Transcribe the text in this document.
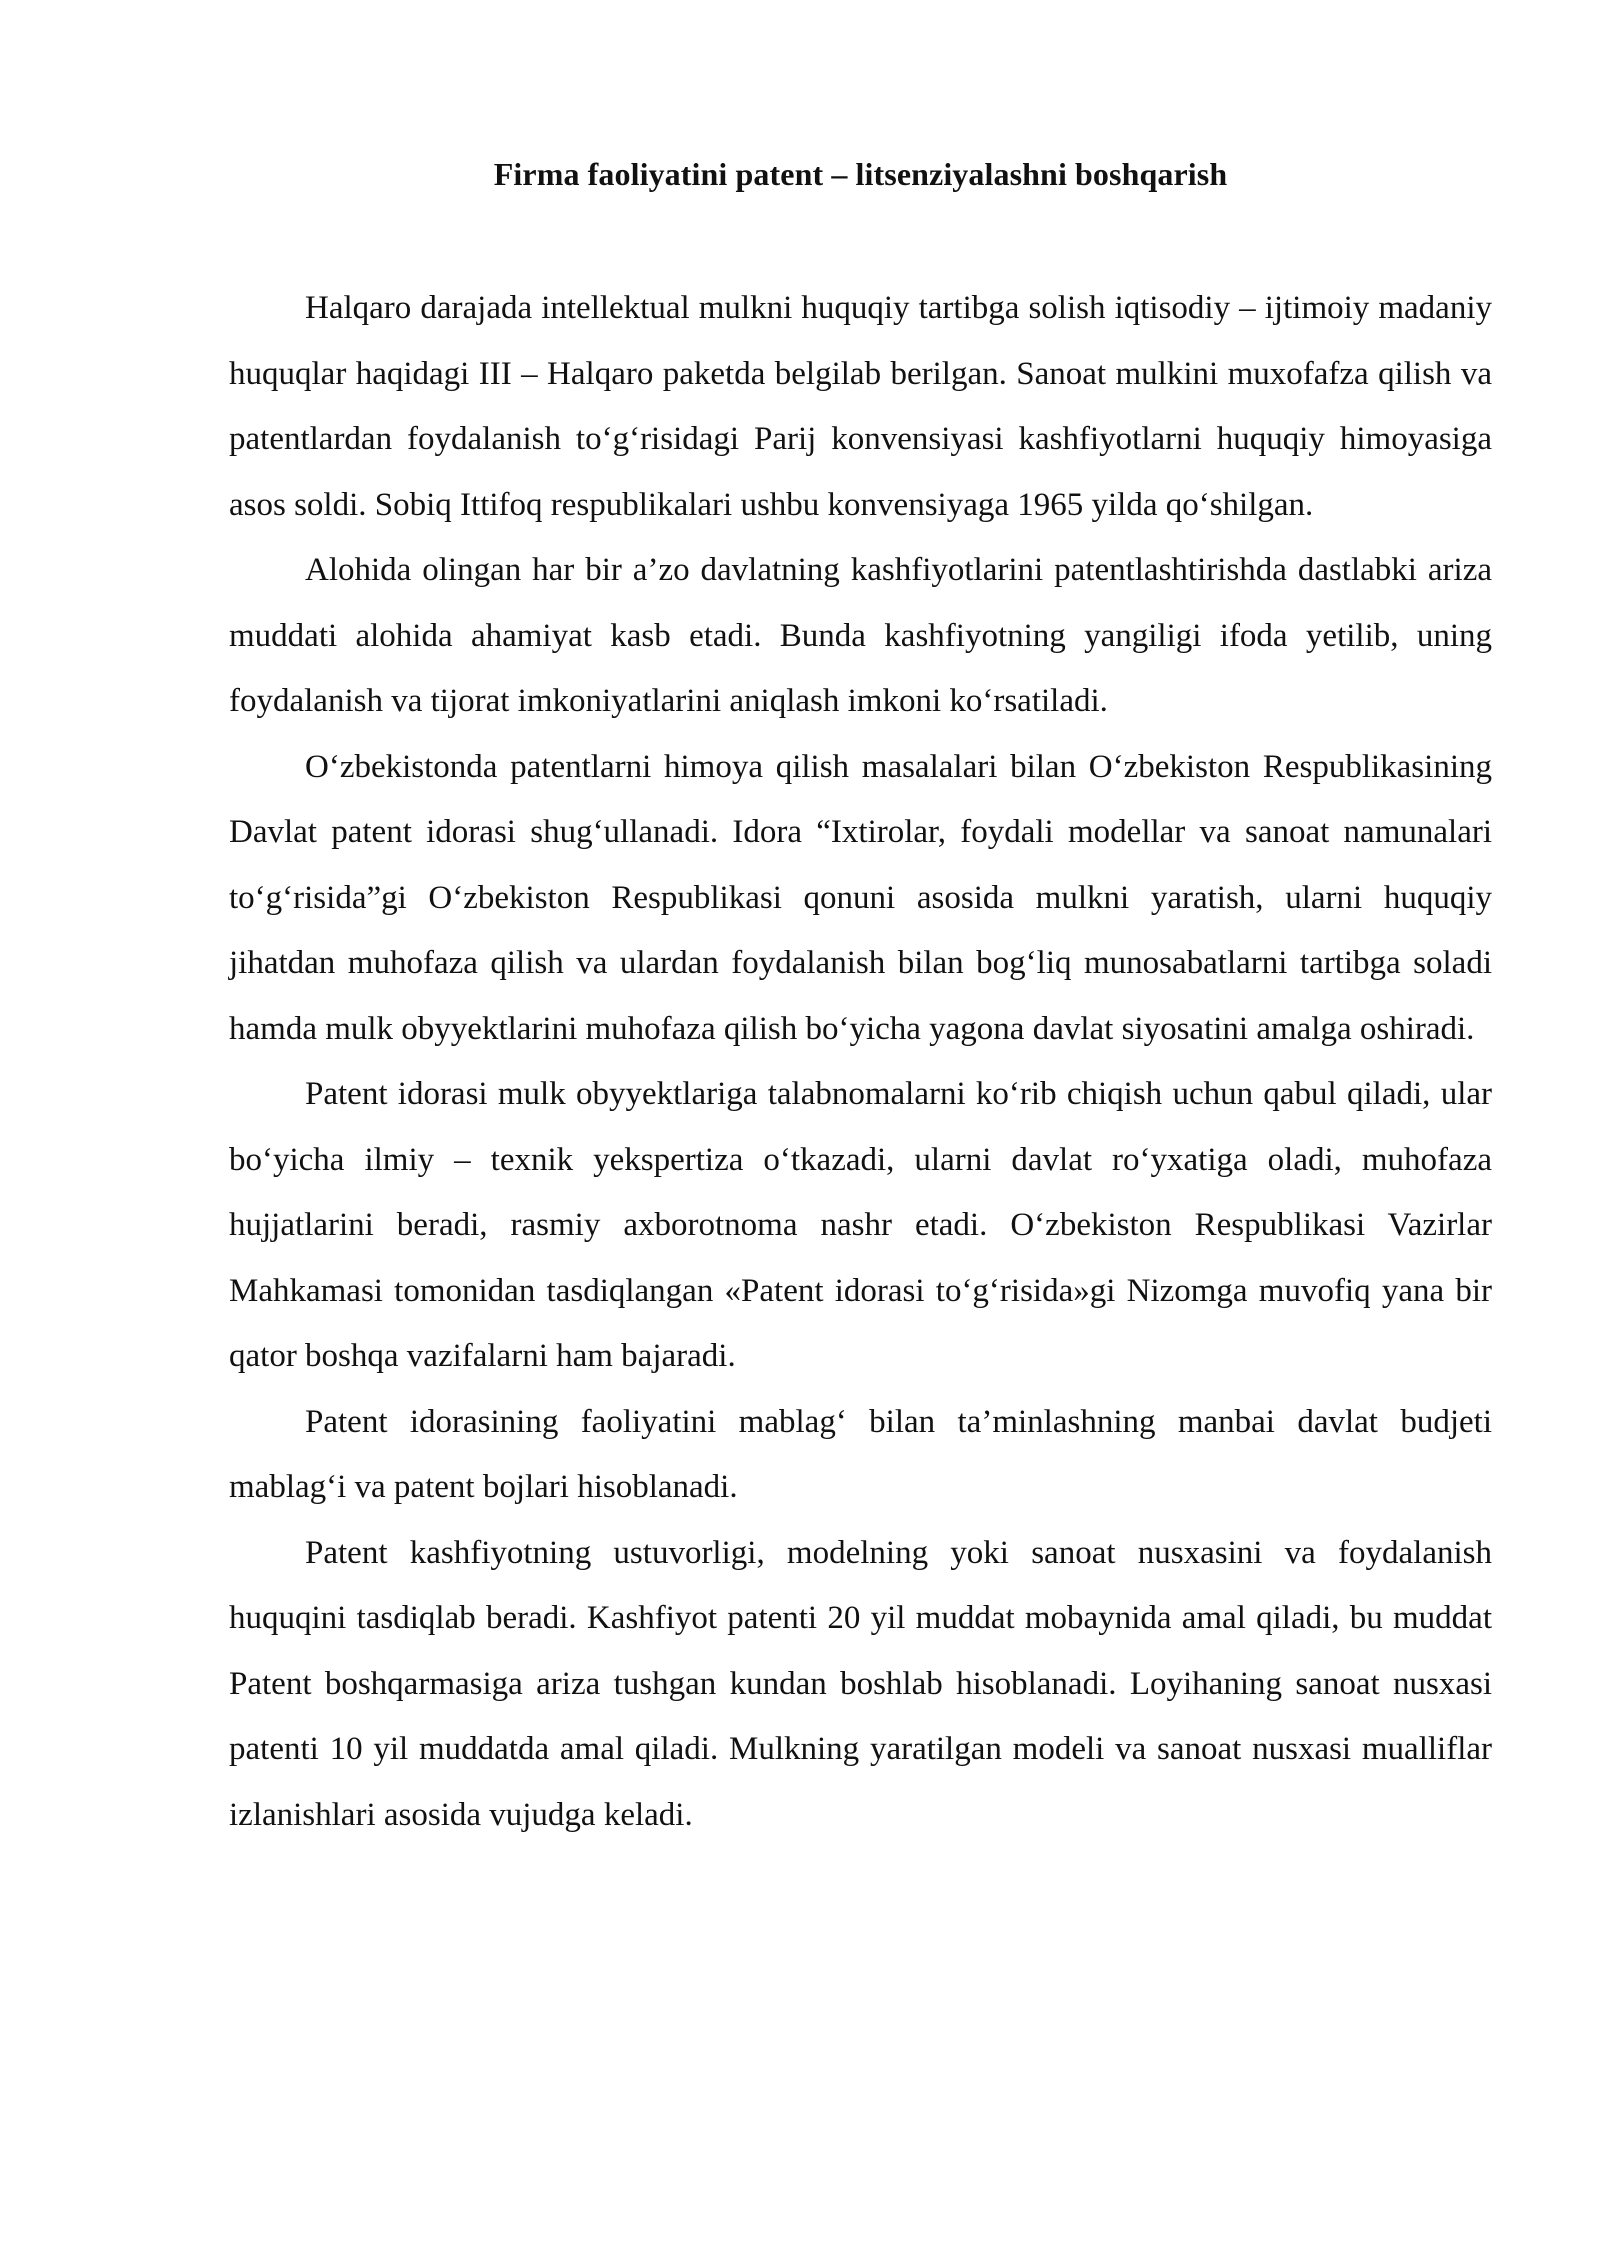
Firma faoliyatini patent – litsenziyalashni boshqarish

Halqaro darajada intellektual mulkni huquqiy tartibga solish iqtisodiy – ijtimoiy madaniy huquqlar haqidagi III – Halqaro paketda belgilab berilgan. Sanoat mulkini muxofafza qilish va patentlardan foydalanish to‘g‘risidagi Parij konvensiyasi kashfiyotlarni huquqiy himoyasiga asos soldi. Sobiq Ittifoq respublikalari ushbu konvensiyaga 1965 yilda qo‘shilgan.

Alohida olingan har bir a’zo davlatning kashfiyotlarini patentlashtirishda dastlabki ariza muddati alohida ahamiyat kasb etadi. Bunda kashfiyotning yangiligi ifoda yetilib, uning foydalanish va tijorat imkoniyatlarini aniqlash imkoni ko‘rsatiladi.

O‘zbekistonda patentlarni himoya qilish masalalari bilan O‘zbekiston Respublikasining Davlat patent idorasi shug‘ullanadi. Idora “Ixtirolar, foydali modellar va sanoat namunalari to‘g‘risida”gi O‘zbekiston Respublikasi qonuni asosida mulkni yaratish, ularni huquqiy jihatdan muhofaza qilish va ulardan foydalanish bilan bog‘liq munosabatlarni tartibga soladi hamda mulk obyyektlarini muhofaza qilish bo‘yicha yagona davlat siyosatini amalga oshiradi.

Patent idorasi mulk obyyektlariga talabnomalarni ko‘rib chiqish uchun qabul qiladi, ular bo‘yicha ilmiy – texnik yekspertiza o‘tkazadi, ularni davlat ro‘yxatiga oladi, muhofaza hujjatlarini beradi, rasmiy axborotnoma nashr etadi. O‘zbekiston Respublikasi Vazirlar Mahkamasi tomonidan tasdiqlangan «Patent idorasi to‘g‘risida»gi Nizomga muvofiq yana bir qator boshqa vazifalarni ham bajaradi.

Patent idorasining faoliyatini mablag‘ bilan ta’minlashning manbai davlat budjeti mablag‘i va patent bojlari hisoblanadi.

Patent kashfiyotning ustuvorligi, modelning yoki sanoat nusxasini va foydalanish huquqini tasdiqlab beradi. Kashfiyot patenti 20 yil muddat mobaynida amal qiladi, bu muddat Patent boshqarmasiga ariza tushgan kundan boshlab hisoblanadi. Loyihaning sanoat nusxasi patenti 10 yil muddatda amal qiladi. Mulkning yaratilgan modeli va sanoat nusxasi mualliflar izlanishlari asosida vujudga keladi.
